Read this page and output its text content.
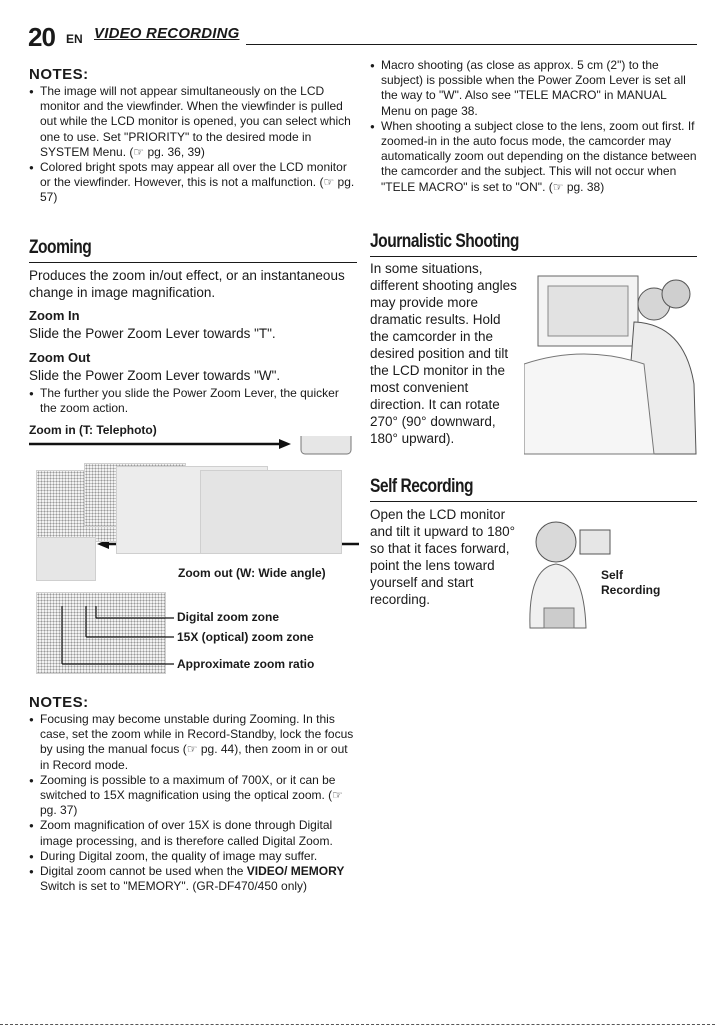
20 EN VIDEO RECORDING
NOTES:
● The image will not appear simultaneously on the LCD monitor and the viewfinder. When the viewfinder is pulled out while the LCD monitor is opened, you can select which one to use. Set "PRIORITY" to the desired mode in SYSTEM Menu. (☞ pg. 36, 39)
● Colored bright spots may appear all over the LCD monitor or the viewfinder. However, this is not a malfunction. (☞ pg. 57)
Zooming

Produces the zoom in/out effect, or an instantaneous change in image magnification.

Zoom In

Slide the Power Zoom Lever towards "T".

Zoom Out

Slide the Power Zoom Lever towards "W".

● The further you slide the Power Zoom Lever, the quicker the zoom action.
Zoom in (T: Telephoto)
Zoom out (W: Wide angle)
Digital zoom zone
15X (optical) zoom zone
Approximate zoom ratio
NOTES:
● Focusing may become unstable during Zooming. In this case, set the zoom while in Record-Standby, lock the focus by using the manual focus (☞ pg. 44), then zoom in or out in Record mode.
● Zooming is possible to a maximum of 700X, or it can be switched to 15X magnification using the optical zoom. (☞ pg. 37)
● Zoom magnification of over 15X is done through Digital image processing, and is therefore called Digital Zoom.
● During Digital zoom, the quality of image may suffer.
● Digital zoom cannot be used when the VIDEO/ MEMORY Switch is set to "MEMORY". (GR-DF470/450 only)
● Macro shooting (as close as approx. 5 cm (2") to the subject) is possible when the Power Zoom Lever is set all the way to "W". Also see "TELE MACRO" in MANUAL Menu on page 38.
● When shooting a subject close to the lens, zoom out first. If zoomed-in in the auto focus mode, the camcorder may automatically zoom out depending on the distance between the camcorder and the subject. This will not occur when "TELE MACRO" is set to "ON". (☞ pg. 38)
Journalistic Shooting

In some situations, different shooting angles may provide more dramatic results. Hold the camcorder in the desired position and tilt the LCD monitor in the most convenient direction. It can rotate 270° (90° downward, 180° upward).

Self Recording

Open the LCD monitor and tilt it upward to 180° so that it faces forward, point the lens toward yourself and start recording.

Self Recording
